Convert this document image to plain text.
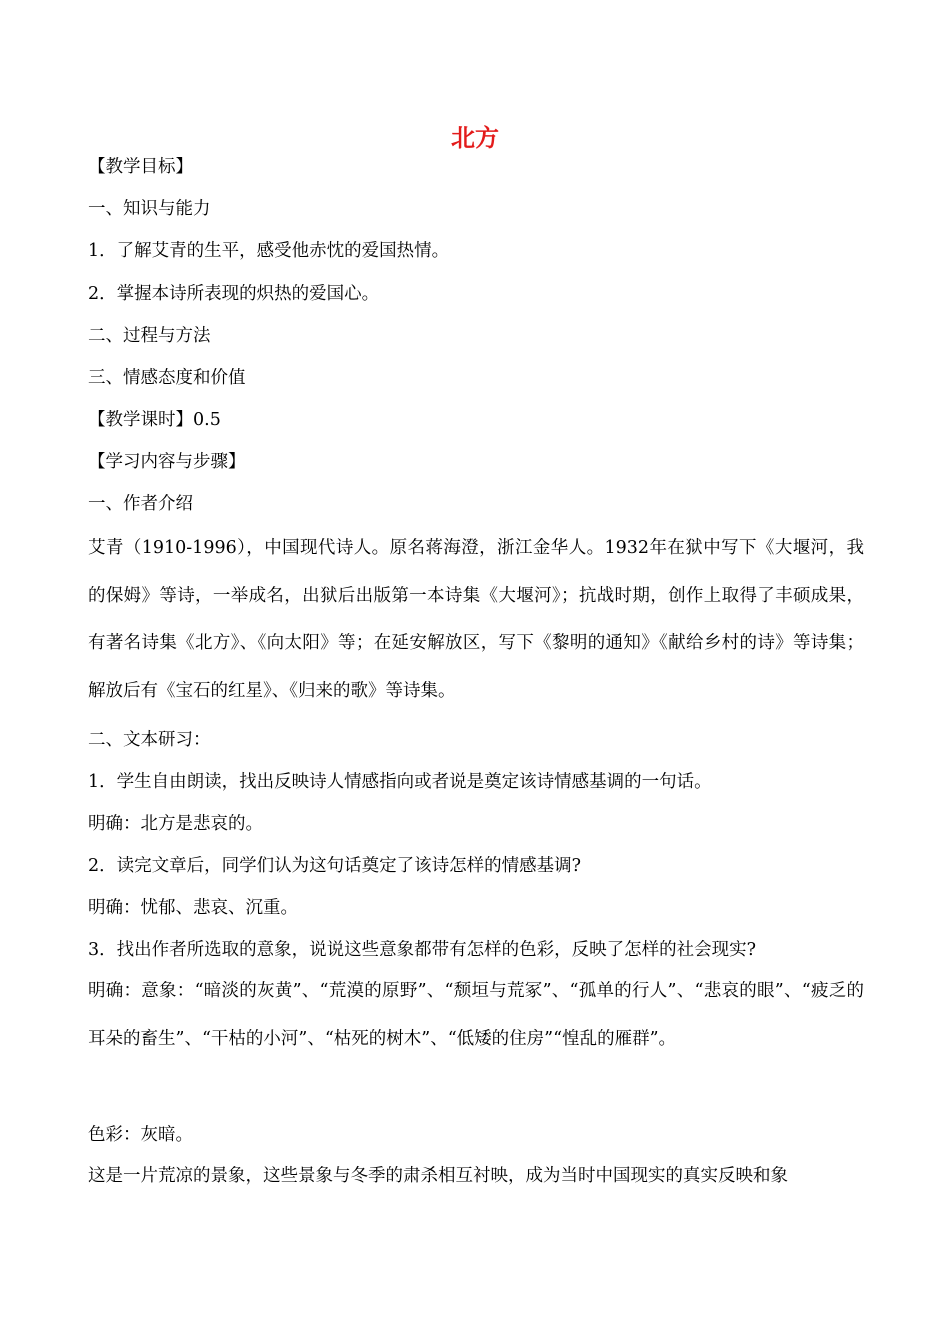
北方
【教学目标】
一、知识与能力
1．了解艾青的生平，感受他赤忱的爱国热情。
2．掌握本诗所表现的炽热的爱国心。
二、过程与方法
三、情感态度和价值
【教学课时】0.5
【学习内容与步骤】
一、作者介绍
艾青（1910-1996），中国现代诗人。原名蒋海澄，浙江金华人。1932年在狱中写下《大堰河，我的保姆》等诗，一举成名，出狱后出版第一本诗集《大堰河》；抗战时期，创作上取得了丰硕成果，有著名诗集《北方》、《向太阳》等；在延安解放区，写下《黎明的通知》《献给乡村的诗》等诗集；解放后有《宝石的红星》、《归来的歌》等诗集。
二、文本研习：
1．学生自由朗读，找出反映诗人情感指向或者说是奠定该诗情感基调的一句话。
明确：北方是悲哀的。
2．读完文章后，同学们认为这句话奠定了该诗怎样的情感基调?
明确：忧郁、悲哀、沉重。
3．找出作者所选取的意象，说说这些意象都带有怎样的色彩，反映了怎样的社会现实?
明确：意象：“暗淡的灰黄”、“荒漠的原野”、“颓垣与荒冢”、“孤单的行人”、“悲哀的眼”、“疲乏的耳朵的畜生”、“干枯的小河”、“枯死的树木”、“低矮的住房”“惶乱的雁群”。
色彩：灰暗。
这是一片荒凉的景象，这些景象与冬季的肃杀相互衬映，成为当时中国现实的真实反映和象
